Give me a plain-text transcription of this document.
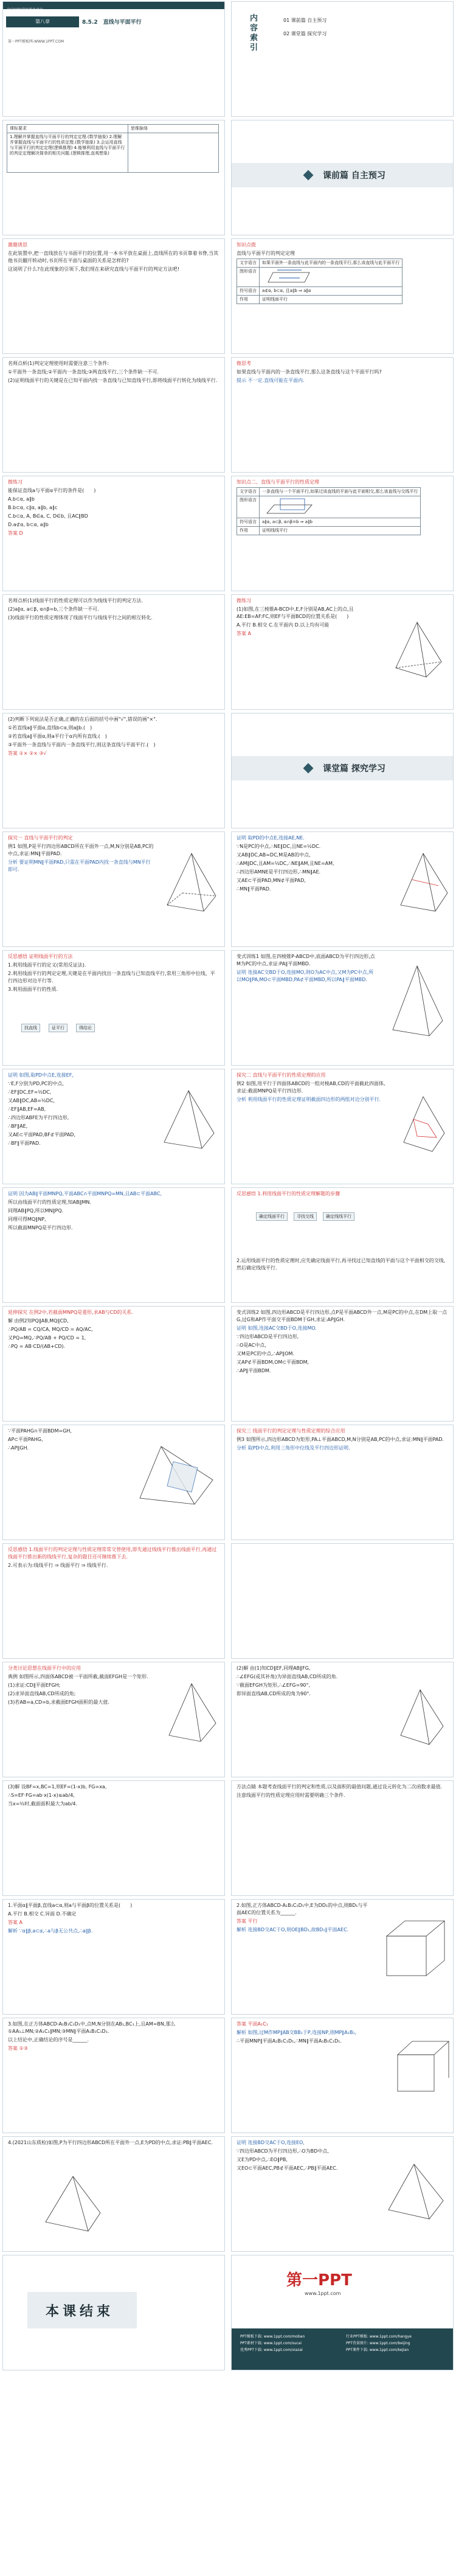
高中同步学案优化设计
第八章	8.5.2　直线与平面平行
第一PPT模板网-WWW.1PPT.COM
内容索引
01 课前篇 自主预习
02 课堂篇 探究学习
课标要求	思维脉络
1.理解并掌握直线与平面平行的判定定理.(数学抽象) 2.理解并掌握直线与平面平行的性质定理.(数学抽象) 3.会运用直线与平面平行的判定定理(逻辑推理) 4.能够利用直线与平面平行的判定定理解决简单的相关问题.(逻辑推理,直观想象)	
课前篇 自主预习

激趣诱思

在此装置中,把一直线放在与书面平行的位置,用一本书平放在桌面上,直线所在的书页靠着书脊,当其他书页翻开转动时,书页所在平面与桌面的关系是怎样的?

这说明了什么?在此现象的引领下,我们现在来研究直线与平面平行的判定方法吧!

知识点拨

直线与平面平行的判定定理

文字语言	如果平面外一条直线与此平面内的一条直线平行,那么该直线与此平面平行
图形语言	
符号语言	a⊄α, b⊂α, 且a∥b ⇒ a∥α
作用	证明线面平行

名师点析(1)判定定理使用时需要注意三个条件:

①平面外一条直线;②平面内一条直线;③两直线平行,三个条件缺一不可.

(2)证明线面平行的关键是在已知平面内找一条直线与已知直线平行,即将线面平行转化为线线平行.

微思考

如果直线与平面内的一条直线平行,那么这条直线与这个平面平行吗?

提示 不一定.直线可能在平面内.

微练习

能保证直线a与平面α平行的条件是(　　)

A.b⊂α, a∥b

B.b⊂α, c∥α, a∥b, a∥c

C.b⊂α, A, B∈a, C, D∈b, 且AC∥BD

D.a⊄α, b⊂α, a∥b

答案 D

知识点二、直线与平面平行的性质定理

文字语言	一条直线与一个平面平行,如果过该直线的平面与此平面相交,那么该直线与交线平行
图形语言	
符号语言	a∥α, a⊂β, α∩β=b ⇒ a∥b
作用	证明线线平行

名师点析(1)线面平行的性质定理可以作为线线平行的判定方法.

(2)a∥α, a⊂β, α∩β=b,三个条件缺一不可.

(3)线面平行的性质定理体现了线面平行与线线平行之间的相互转化.

微练习

(1)如图,在三棱锥A-BCD中,E,F分别是AB,AC上的点,且AE:EB=AF:FC,则EF与平面BCD的位置关系是(　　)

A.平行 B.相交 C.在平面内 D.以上均有可能

答案 A

(2)判断下列说法是否正确,正确的在后面的括号中画"√",错误的画"×".

①若直线a∥平面α,直线b⊂α,则a∥b.(　)

②若直线a∥平面α,则a平行于α内所有直线.(　)

③平面外一条直线与平面内一条直线平行,则这条直线与平面平行.(　)

答案 ①× ②× ③√

课堂篇 探究学习

探究一 直线与平面平行的判定

例1 如图,P是平行四边形ABCD所在平面外一点,M,N分别是AB,PC的中点,求证:MN∥平面PAD.

分析 要证明MN∥平面PAD,只需在平面PAD内找一条直线与MN平行即可.

证明 取PD的中点E,连接AE,NE.

∵N是PC的中点,∴NE∥DC,且NE=½DC.

又AB∥DC,AB=DC,M是AB的中点,

∴AM∥DC,且AM=½DC,∴NE∥AM,且NE=AM,

∴四边形AMNE是平行四边形,∴MN∥AE.

又AE⊂平面PAD,MN⊄平面PAD,

∴MN∥平面PAD.

反思感悟 证明线面平行的方法

1.利用线面平行的定义(常用反证法).

2.利用线面平行的判定定理,关键是在平面内找出一条直线与已知直线平行,常用三角形中位线、平行四边形对边平行等.

3.利用面面平行的性质.

找直线	证平行	得结论

变式训练1 如图,在四棱锥P-ABCD中,底面ABCD为平行四边形,点M为PC的中点,求证:PA∥平面MBD.

证明 连接AC交BD于O,连接MO,则O为AC中点,又M为PC中点,所以MO∥PA,MO⊂平面MBD,PA⊄平面MBD,所以PA∥平面MBD.

证明 如图,取PD中点E,连接EF,

∵E,F分别为PD,PC的中点,

∴EF∥DC,EF=½DC,

又AB∥DC,AB=½DC,

∴EF∥AB,EF=AB,

∴四边形ABFE为平行四边形,

∴BF∥AE,

又AE⊂平面PAD,BF⊄平面PAD,

∴BF∥平面PAD.

探究二 直线与平面平行的性质定理的应用

例2 如图,用平行于四面体ABCD的一组对棱AB,CD的平面截此四面体,求证:截面MNPQ是平行四边形.

分析 利用线面平行的性质定理证明截面四边形的两组对边分别平行.

证明 因为AB∥平面MNPQ,平面ABC∩平面MNPQ=MN,且AB⊂平面ABC,

所以由线面平行的性质定理,知AB∥MN.

同理AB∥PQ,所以MN∥PQ.

同理可得MQ∥NP,

所以截面MNPQ是平行四边形.

反思感悟 1.利用线面平行的性质定理解题的步骤

确定线面平行	寻找交线	确定线线平行

2.运用线面平行的性质定理时,应先确定线面平行,再寻找过已知直线的平面与这个平面相交的交线,然后确定线线平行.

延伸探究 在例2中,若截面MNPQ是菱形,求AB与CD的关系.

解 由例2知PQ∥AB,MQ∥CD,

∴PQ/AB = CQ/CA, MQ/CD = AQ/AC,

又PQ=MQ,∴PQ/AB + PQ/CD = 1,

∴PQ = AB·CD/(AB+CD).

变式训练2 如图,四边形ABCD是平行四边形,点P是平面ABCD外一点,M是PC的中点,在DM上取一点G,过G和AP作平面交平面BDM于GH,求证:AP∥GH.

证明 如图,连接AC交BD于O,连接MO.

∵四边形ABCD是平行四边形,

∴O是AC中点,

又M是PC的中点,∴AP∥OM.

又AP⊄平面BDM,OM⊂平面BDM,

∴AP∥平面BDM.

∵平面PAHG∩平面BDM=GH,

AP⊂平面PAHG,

∴AP∥GH.

探究三 线面平行的判定定理与性质定理的综合应用

例3 如图所示,四边形ABCD为矩形,PA⊥平面ABCD,M,N分别是AB,PC的中点,求证:MN∥平面PAD.

分析 取PD中点,利用三角形中位线及平行四边形证明.

反思感悟 1.线面平行的判定定理与性质定理常常交替使用,即先通过线线平行推出线面平行,再通过线面平行推出新的线线平行,复杂的题目还可继续推下去.

2.可表示为:线线平行 ⇒ 线面平行 ⇒ 线线平行.

分类讨论思想在线面平行中的应用

典例 如图所示,四面体ABCD被一平面所截,截面EFGH是一个矩形.

(1)求证:CD∥平面EFGH;

(2)求异面直线AB,CD所成的角;

(3)若AB=a,CD=b,求截面EFGH面积的最大值.

(2)解 由(1)知CD∥EF,同理AB∥FG,

∴∠EFG(或其补角)为异面直线AB,CD所成的角.

∵截面EFGH为矩形,∴∠EFG=90°,

即异面直线AB,CD所成的角为90°.

(3)解 设BF=x,BC=1,则EF=(1-x)b, FG=xa,

∴S=EF·FG=ab·x(1-x)≤ab/4,

当x=½时,截面面积最大为ab/4.

方法点睛 本题考查线面平行的判定和性质,以及面积的最值问题,通过设元转化为二次函数求最值.

注意线面平行的性质定理应用时需要明确三个条件.

1.平面α∥平面β,直线a⊂α,则a与平面β的位置关系是(　　)

A.平行 B.相交 C.异面 D.不确定

答案 A

解析 ∵α∥β,a⊂α,∴a与β无公共点,∴a∥β.

2.如图,正方体ABCD-A₁B₁C₁D₁中,E为DD₁的中点,则BD₁与平面AEC的位置关系为______.

答案 平行

解析 连接BD交AC于O,则OE∥BD₁,故BD₁∥平面AEC.

3.如图,在正方体ABCD-A₁B₁C₁D₁中,点M,N分别在AB₁,BC₁上,且AM=BN,那么①AA₁⊥MN;②A₁C₁∥MN;③MN∥平面A₁B₁C₁D₁.

以上结论中,正确结论的序号是______.

答案 ①③

答案 平面A₁C₁

解析 如图,过M作MP∥AB交BB₁于P,连接NP,则MP∥A₁B₁,

∴平面MNP∥平面A₁B₁C₁D₁,∴MN∥平面A₁B₁C₁D₁.

4.(2021山东质检)如图,P为平行四边形ABCD所在平面外一点,E为PD的中点,求证:PB∥平面AEC.	证明 连接BD交AC于O,连接EO,

∵四边形ABCD为平行四边形,∴O为BD中点,

又E为PD中点,∴EO∥PB,

又EO⊂平面AEC,PB⊄平面AEC,∴PB∥平面AEC.

本课结束
第一PPT
www.1ppt.com
PPT模板下载: www.1ppt.com/moban	行业PPT模板: www.1ppt.com/hangye
PPT素材下载: www.1ppt.com/sucai	PPT背景图片: www.1ppt.com/beijing
优秀PPT下载: www.1ppt.com/xiazai	PPT课件下载: www.1ppt.com/kejian
